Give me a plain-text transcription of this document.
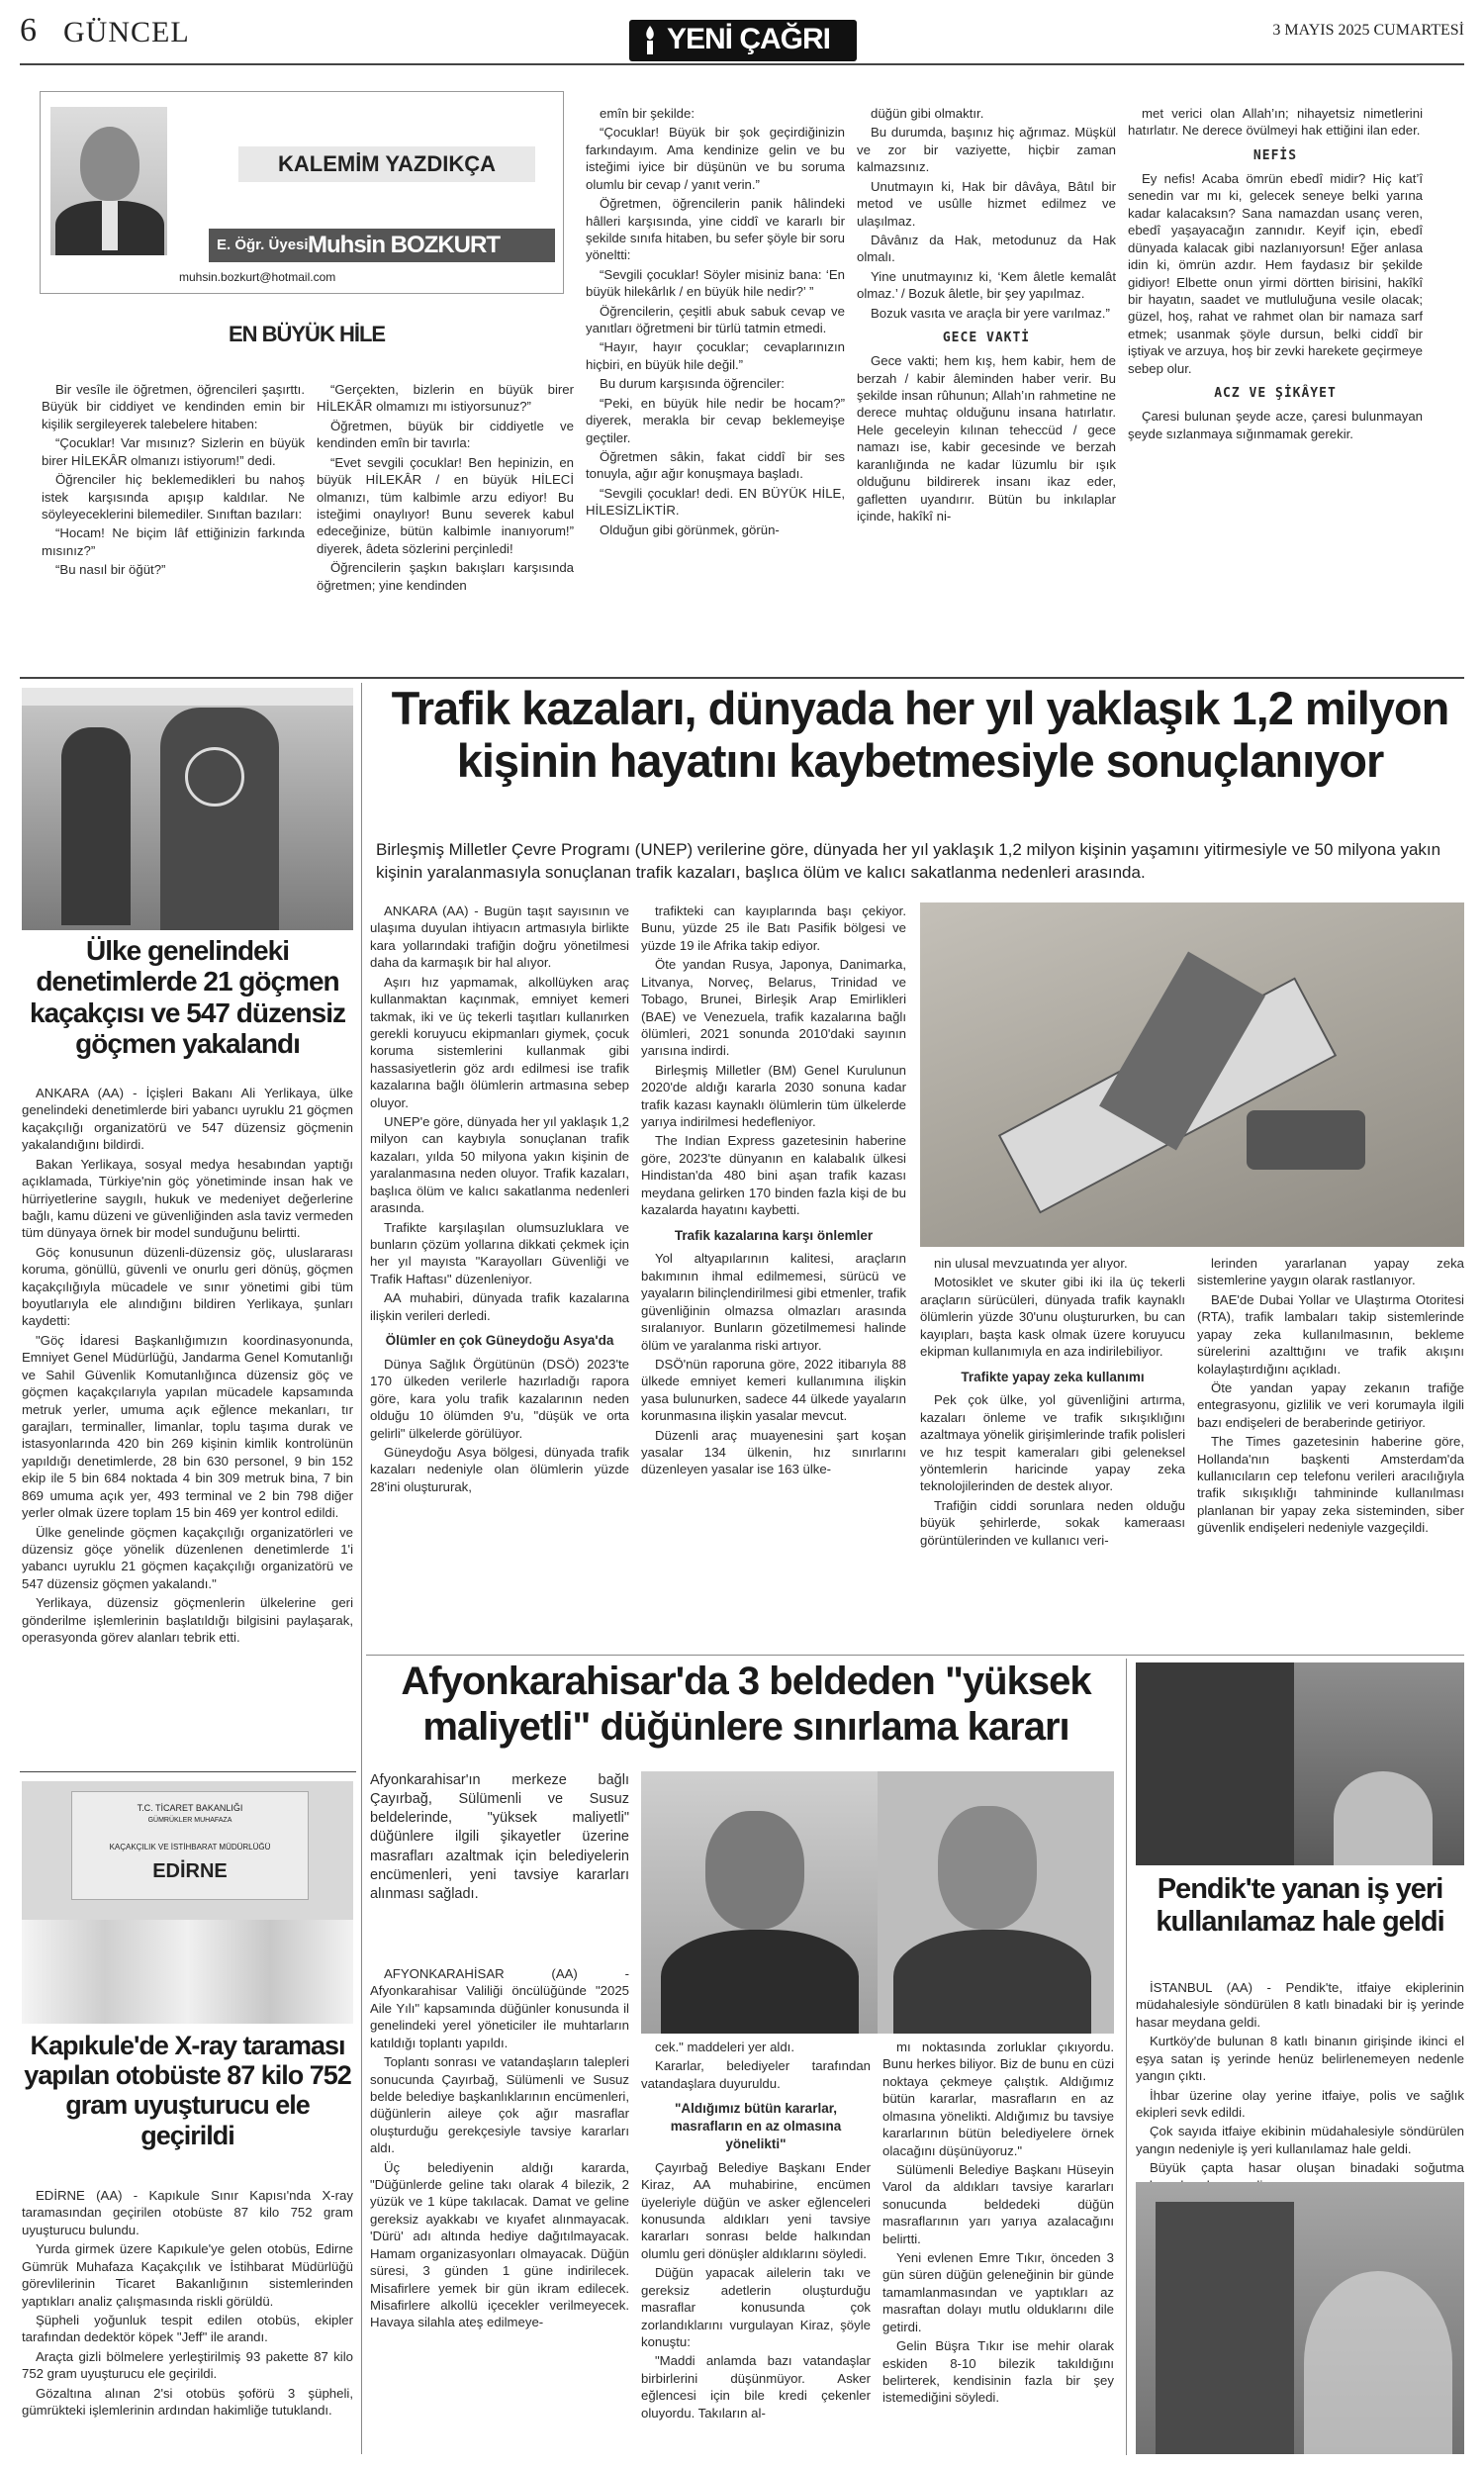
6 GÜNCEL	YENİ ÇAĞRI	3 MAYIS 2025 CUMARTESİ
KALEMİM YAZDIKÇA
E. Öğr. Üyesi Muhsin BOZKURT
muhsin.bozkurt@hotmail.com
EN BÜYÜK HİLE

Bir vesîle ile öğretmen, öğrencileri şaşırttı. Büyük bir ciddiyet ve kendinden emin bir kişilik sergileyerek talebelere hitaben:

“Çocuklar! Var mısınız? Sizlerin en büyük birer HİLEKÂR olmanızı istiyorum!” dedi.

Öğrenciler hiç beklemedikleri bu nahoş istek karşısında apışıp kaldılar. Ne söyleyeceklerini bilemediler. Sınıftan bazıları:

“Hocam! Ne biçim lâf ettiğinizin farkında mısınız?”

“Bu nasıl bir öğüt?”

“Gerçekten, bizlerin en büyük birer HİLEKÂR olmamızı mı istiyorsunuz?”

Öğretmen, büyük bir ciddiyetle ve kendinden emîn bir tavırla:

“Evet sevgili çocuklar! Ben hepinizin, en büyük HİLEKÂR / en büyük HİLECİ olmanızı, tüm kalbimle arzu ediyor! Bu isteğimi onaylıyor! Bunu severek kabul edeceğinize, bütün kalbimle inanıyorum!” diyerek, âdeta sözlerini perçinledi!

Öğrencilerin şaşkın bakışları karşısında öğretmen; yine kendinden

emîn bir şekilde:

“Çocuklar! Büyük bir şok geçirdiğinizin farkındayım. Ama kendinize gelin ve bu isteğimi iyice bir düşünün ve bu soruma olumlu bir cevap / yanıt verin.”

Öğretmen, öğrencilerin panik hâlindeki hâlleri karşısında, yine ciddî ve kararlı bir şekilde sınıfa hitaben, bu sefer şöyle bir soru yöneltti:

“Sevgili çocuklar! Söyler misiniz bana: ‘En büyük hilekârlık / en büyük hile nedir?’ ”

Öğrencilerin, çeşitli abuk sabuk cevap ve yanıtları öğretmeni bir türlü tatmin etmedi.

“Hayır, hayır çocuklar; cevaplarınızın hiçbiri, en büyük hile değil.”

Bu durum karşısında öğrenciler:

“Peki, en büyük hile nedir be hocam?” diyerek, merakla bir cevap beklemeyişe geçtiler.

Öğretmen sâkin, fakat ciddî bir ses tonuyla, ağır ağır konuşmaya başladı.

“Sevgili çocuklar! dedi. EN BÜYÜK HİLE, HİLESİZLİKTİR.

Olduğun gibi görünmek, görün-

düğün gibi olmaktır.

Bu durumda, başınız hiç ağrımaz. Müşkül ve zor bir vaziyette, hiçbir zaman kalmazsınız.

Unutmayın ki, Hak bir dâvâya, Bâtıl bir metod ve usûlle hizmet edilmez ve ulaşılmaz.

Dâvânız da Hak, metodunuz da Hak olmalı.

Yine unutmayınız ki, ‘Kem âletle kemalât olmaz.’ / Bozuk âletle, bir şey yapılmaz.

Bozuk vasıta ve araçla bir yere varılmaz.”

GECE VAKTİ

Gece vakti; hem kış, hem kabir, hem de berzah / kabir âleminden haber verir. Bu şekilde insan rûhunun; Allah’ın rahmetine ne derece muhtaç olduğunu insana hatırlatır. Hele geceleyin kılınan teheccüd / gece namazı ise, kabir gecesinde ve berzah karanlığında ne kadar lüzumlu bir ışık olduğunu bildirerek insanı ikaz eder, gafletten uyandırır. Bütün bu inkılaplar içinde, hakîkî ni-

met verici olan Allah’ın; nihayetsiz nimetlerini hatırlatır. Ne derece övülmeyi hak ettiğini ilan eder.

NEFİS

Ey nefis! Acaba ömrün ebedî midir? Hiç kat’î senedin var mı ki, gelecek seneye belki yarına kadar kalacaksın? Sana namazdan usanç veren, ebedî yaşayacağın zannıdır. Keyif için, ebedî dünyada kalacak gibi nazlanıyorsun! Eğer anlasa idin ki, ömrün azdır. Hem faydasız bir şekilde gidiyor! Elbette onun yirmi dörtten birisini, hakîkî bir hayatın, saadet ve mutluluğuna vesile olacak; güzel, hoş, rahat ve rahmet olan bir namaza sarf etmek; usanmak şöyle dursun, belki ciddî bir iştiyak ve arzuya, hoş bir zevki harekete geçirmeye sebep olur.

ACZ VE ŞİKÂYET

Çaresi bulunan şeyde acze, çaresi bulunmayan şeyde sızlanmaya sığınmamak gerekir.

Ülke genelindeki denetimlerde 21 göçmen kaçakçısı ve 547 düzensiz göçmen yakalandı

ANKARA (AA) - İçişleri Bakanı Ali Yerlikaya, ülke genelindeki denetimlerde biri yabancı uyruklu 21 göçmen kaçakçılığı organizatörü ve 547 düzensiz göçmenin yakalandığını bildirdi.

Bakan Yerlikaya, sosyal medya hesabından yaptığı açıklamada, Türkiye'nin göç yönetiminde insan hak ve hürriyetlerine saygılı, hukuk ve medeniyet değerlerine bağlı, kamu düzeni ve güvenliğinden asla taviz vermeden tüm dünyaya örnek bir model sunduğunu belirtti.

Göç konusunun düzenli-düzensiz göç, uluslararası koruma, gönüllü, güvenli ve onurlu geri dönüş, göçmen kaçakçılığıyla mücadele ve sınır yönetimi gibi tüm boyutlarıyla ele alındığını bildiren Yerlikaya, şunları kaydetti:

"Göç İdaresi Başkanlığımızın koordinasyonunda, Emniyet Genel Müdürlüğü, Jandarma Genel Komutanlığı ve Sahil Güvenlik Komutanlığınca düzensiz göç ve göçmen kaçakçılarıyla yapılan mücadele kapsamında metruk yerler, umuma açık eğlence mekanları, tır garajları, terminaller, limanlar, toplu taşıma durak ve istasyonlarında 420 bin 269 kişinin kimlik kontrolünün yapıldığı denetimlerde, 28 bin 630 personel, 9 bin 152 ekip ile 5 bin 684 noktada 4 bin 309 metruk bina, 7 bin 869 umuma açık yer, 493 terminal ve 2 bin 798 diğer yerler olmak üzere toplam 15 bin 469 yer kontrol edildi.

Ülke genelinde göçmen kaçakçılığı organizatörleri ve düzensiz göçe yönelik düzenlenen denetimlerde 1'i yabancı uyruklu 21 göçmen kaçakçılığı organizatörü ve 547 düzensiz göçmen yakalandı."

Yerlikaya, düzensiz göçmenlerin ülkelerine geri gönderilme işlemlerinin başlatıldığı bilgisini paylaşarak, operasyonda görev alanları tebrik etti.

T.C. TİCARET BAKANLIĞI
GÜMRÜKLER MUHAFAZA
KAÇAKÇILIK VE İSTİHBARAT MÜDÜRLÜĞÜ
EDİRNE
Kapıkule'de X-ray taraması yapılan otobüste 87 kilo 752 gram uyuşturucu ele geçirildi

EDİRNE (AA) - Kapıkule Sınır Kapısı'nda X-ray taramasından geçirilen otobüste 87 kilo 752 gram uyuşturucu bulundu.

Yurda girmek üzere Kapıkule'ye gelen otobüs, Edirne Gümrük Muhafaza Kaçakçılık ve İstihbarat Müdürlüğü görevlilerinin Ticaret Bakanlığının sistemlerinden yaptıkları analiz çalışmasında riskli görüldü.

Şüpheli yoğunluk tespit edilen otobüs, ekipler tarafından dedektör köpek "Jeff" ile arandı.

Araçta gizli bölmelere yerleştirilmiş 93 pakette 87 kilo 752 gram uyuşturucu ele geçirildi.

Gözaltına alınan 2'si otobüs şoförü 3 şüpheli, gümrükteki işlemlerinin ardından hakimliğe tutuklandı.

Trafik kazaları, dünyada her yıl yaklaşık 1,2 milyon kişinin hayatını kaybetmesiyle sonuçlanıyor
Birleşmiş Milletler Çevre Programı (UNEP) verilerine göre, dünyada her yıl yaklaşık 1,2 milyon kişinin yaşamını yitirmesiyle ve 50 milyona yakın kişinin yaralanmasıyla sonuçlanan trafik kazaları, başlıca ölüm ve kalıcı sakatlanma nedenleri arasında.

ANKARA (AA) - Bugün taşıt sayısının ve ulaşıma duyulan ihtiyacın artmasıyla birlikte kara yollarındaki trafiğin doğru yönetilmesi daha da karmaşık bir hal alıyor.

Aşırı hız yapmamak, alkollüyken araç kullanmaktan kaçınmak, emniyet kemeri takmak, iki ve üç tekerli taşıtları kullanırken gerekli koruyucu ekipmanları giymek, çocuk koruma sistemlerini kullanmak gibi hassasiyetlerin göz ardı edilmesi ise trafik kazalarına bağlı ölümlerin artmasına sebep oluyor.

UNEP'e göre, dünyada her yıl yaklaşık 1,2 milyon can kaybıyla sonuçlanan trafik kazaları, yılda 50 milyona yakın kişinin de yaralanmasına neden oluyor. Trafik kazaları, başlıca ölüm ve kalıcı sakatlanma nedenleri arasında.

Trafikte karşılaşılan olumsuzluklara ve bunların çözüm yollarına dikkati çekmek için her yıl mayısta "Karayolları Güvenliği ve Trafik Haftası" düzenleniyor.

AA muhabiri, dünyada trafik kazalarına ilişkin verileri derledi.

Ölümler en çok Güneydoğu Asya'da

Dünya Sağlık Örgütünün (DSÖ) 2023'te 170 ülkeden verilerle hazırladığı rapora göre, kara yolu trafik kazalarının neden olduğu 10 ölümden 9'u, "düşük ve orta gelirli" ülkelerde görülüyor.

Güneydoğu Asya bölgesi, dünyada trafik kazaları nedeniyle olan ölümlerin yüzde 28'ini oluştururak,

trafikteki can kayıplarında başı çekiyor. Bunu, yüzde 25 ile Batı Pasifik bölgesi ve yüzde 19 ile Afrika takip ediyor.

Öte yandan Rusya, Japonya, Danimarka, Litvanya, Norveç, Belarus, Trinidad ve Tobago, Brunei, Birleşik Arap Emirlikleri (BAE) ve Venezuela, trafik kazalarına bağlı ölümleri, 2021 sonunda 2010'daki sayının yarısına indirdi.

Birleşmiş Milletler (BM) Genel Kurulunun 2020'de aldığı kararla 2030 sonuna kadar trafik kazası kaynaklı ölümlerin tüm ülkelerde yarıya indirilmesi hedefleniyor.

The Indian Express gazetesinin haberine göre, 2023'te dünyanın en kalabalık ülkesi Hindistan'da 480 bini aşan trafik kazası meydana gelirken 170 binden fazla kişi de bu kazalarda hayatını kaybetti.

Trafik kazalarına karşı önlemler

Yol altyapılarının kalitesi, araçların bakımının ihmal edilmemesi, sürücü ve yayaların bilinçlendirilmesi gibi etmenler, trafik güvenliğinin olmazsa olmazları arasında sıralanıyor. Bunların gözetilmemesi halinde ölüm ve yaralanma riski artıyor.

DSÖ'nün raporuna göre, 2022 itibarıyla 88 ülkede emniyet kemeri kullanımına ilişkin yasa bulunurken, sadece 44 ülkede yayaların korunmasına ilişkin yasalar mevcut.

Düzenli araç muayenesini şart koşan yasalar 134 ülkenin, hız sınırlarını düzenleyen yasalar ise 163 ülke-

nin ulusal mevzuatında yer alıyor.

Motosiklet ve skuter gibi iki ila üç tekerli araçların sürücüleri, dünyada trafik kaynaklı ölümlerin yüzde 30'unu oluştururken, bu can kayıpları, başta kask olmak üzere koruyucu ekipman kullanımıyla en aza indirilebiliyor.

Trafikte yapay zeka kullanımı

Pek çok ülke, yol güvenliğini artırma, kazaları önleme ve trafik sıkışıklığını azaltmaya yönelik girişimlerinde trafik polisleri ve hız tespit kameraları gibi geleneksel yöntemlerin haricinde yapay zeka teknolojilerinden de destek alıyor.

Trafiğin ciddi sorunlara neden olduğu büyük şehirlerde, sokak kameraası görüntülerinden ve kullanıcı veri-

lerinden yararlanan yapay zeka sistemlerine yaygın olarak rastlanıyor.

BAE'de Dubai Yollar ve Ulaştırma Otoritesi (RTA), trafik lambaları takip sistemlerinde yapay zeka kullanılmasının, bekleme sürelerini azalttığını ve trafik akışını kolaylaştırdığını açıkladı.

Öte yandan yapay zekanın trafiğe entegrasyonu, gizlilik ve veri korumayla ilgili bazı endişeleri de beraberinde getiriyor.

The Times gazetesinin haberine göre, Hollanda'nın başkenti Amsterdam'da kullanıcıların cep telefonu verileri aracılığıyla trafik sıkışıklığı tahmininde kullanılması planlanan bir yapay zeka sisteminden, siber güvenlik endişeleri nedeniyle vazgeçildi.

Afyonkarahisar'da 3 beldeden "yüksek maliyetli" düğünlere sınırlama kararı
Afyonkarahisar'ın merkeze bağlı Çayırbağ, Sülümenli ve Susuz beldelerinde, "yüksek maliyetli" düğünlere ilgili şikayetler üzerine masrafları azaltmak için belediyelerin encümenleri, yeni tavsiye kararları alınması sağladı.

AFYONKARAHİSAR (AA) - Afyonkarahisar Valiliği öncülüğünde "2025 Aile Yılı" kapsamında düğünler konusunda il genelindeki yerel yöneticiler ile muhtarların katıldığı toplantı yapıldı.

Toplantı sonrası ve vatandaşların talepleri sonucunda Çayırbağ, Sülümenli ve Susuz belde belediye başkanlıklarının encümenleri, düğünlerin aileye çok ağır masraflar oluşturduğu gerekçesiyle tavsiye kararları aldı.

Üç belediyenin aldığı kararda, "Düğünlerde geline takı olarak 4 bilezik, 2 yüzük ve 1 küpe takılacak. Damat ve geline gereksiz ayakkabı ve kıyafet alınmayacak. 'Dürü' adı altında hediye dağıtılmayacak. Hamam organizasyonları olmayacak. Düğün süresi, 3 günden 1 güne indirilecek. Misafirlere yemek bir gün ikram edilecek. Misafirlere alkollü içecekler verilmeyecek. Havaya silahla ateş edilmeye-

cek." maddeleri yer aldı.

Kararlar, belediyeler tarafından vatandaşlara duyuruldu.

"Aldığımız bütün kararlar, masrafların en az olmasına yönelikti"

Çayırbağ Belediye Başkanı Ender Kiraz, AA muhabirine, encümen üyeleriyle düğün ve asker eğlenceleri konusunda aldıkları yeni tavsiye kararları sonrası belde halkından olumlu geri dönüşler aldıklarını söyledi.

Düğün yapacak ailelerin takı ve gereksiz adetlerin oluşturduğu masraflar konusunda çok zorlandıklarını vurgulayan Kiraz, şöyle konuştu:

"Maddi anlamda bazı vatandaşlar birbirlerini düşünmüyor. Asker eğlencesi için bile kredi çekenler oluyordu. Takıların al-

mı noktasında zorluklar çıkıyordu. Bunu herkes biliyor. Biz de bunu en cüzi noktaya çekmeye çalıştık. Aldığımız bütün kararlar, masrafların en az olmasına yönelikti. Aldığımız bu tavsiye kararlarının bütün belediyelere örnek olacağını düşünüyoruz."

Sülümenli Belediye Başkanı Hüseyin Varol da aldıkları tavsiye kararları sonucunda beldedeki düğün masraflarının yarı yarıya azalacağını belirtti.

Yeni evlenen Emre Tıkır, önceden 3 gün süren düğün geleneğinin bir günde tamamlanmasından ve yaptıkları az masraftan dolayı mutlu olduklarını dile getirdi.

Gelin Büşra Tıkır ise mehir olarak eskiden 8-10 bilezik takıldığını belirterek, kendisinin fazla bir şey istemediğini söyledi.

Pendik'te yanan iş yeri kullanılamaz hale geldi

İSTANBUL (AA) - Pendik'te, itfaiye ekiplerinin müdahalesiyle söndürülen 8 katlı binadaki bir iş yerinde hasar meydana geldi.

Kurtköy'de bulunan 8 katlı binanın girişinde ikinci el eşya satan iş yerinde henüz belirlenemeyen nedenle yangın çıktı.

İhbar üzerine olay yerine itfaiye, polis ve sağlık ekipleri sevk edildi.

Çok sayıda itfaiye ekibinin müdahalesiyle söndürülen yangın nedeniyle iş yeri kullanılamaz hale geldi.

Büyük çapta hasar oluşan binadaki soğutma
